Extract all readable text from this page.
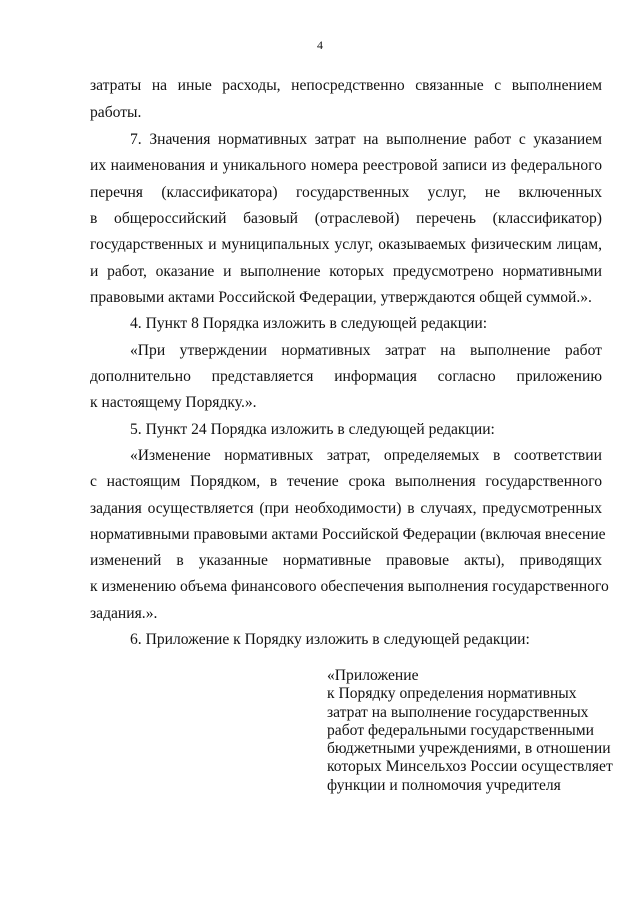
4
затраты на иные расходы, непосредственно связанные с выполнением
работы.
7. Значения нормативных затрат на выполнение работ с указанием
их наименования и уникального номера реестровой записи из федерального
перечня (классификатора) государственных услуг, не включенных
в общероссийский базовый (отраслевой) перечень (классификатор)
государственных и муниципальных услуг, оказываемых физическим лицам,
и работ, оказание и выполнение которых предусмотрено нормативными
правовыми актами Российской Федерации, утверждаются общей суммой.».
4. Пункт 8 Порядка изложить в следующей редакции:
«При утверждении нормативных затрат на выполнение работ
дополнительно представляется информация согласно приложению
к настоящему Порядку.».
5. Пункт 24 Порядка изложить в следующей редакции:
«Изменение нормативных затрат, определяемых в соответствии
с настоящим Порядком, в течение срока выполнения государственного
задания осуществляется (при необходимости) в случаях, предусмотренных
нормативными правовыми актами Российской Федерации (включая внесение
изменений в указанные нормативные правовые акты), приводящих
к изменению объема финансового обеспечения выполнения государственного
задания.».
6. Приложение к Порядку изложить в следующей редакции:
«Приложение
к Порядку определения нормативных
затрат на выполнение государственных
работ федеральными государственными
бюджетными учреждениями, в отношении
которых Минсельхоз России осуществляет
функции и полномочия учредителя
